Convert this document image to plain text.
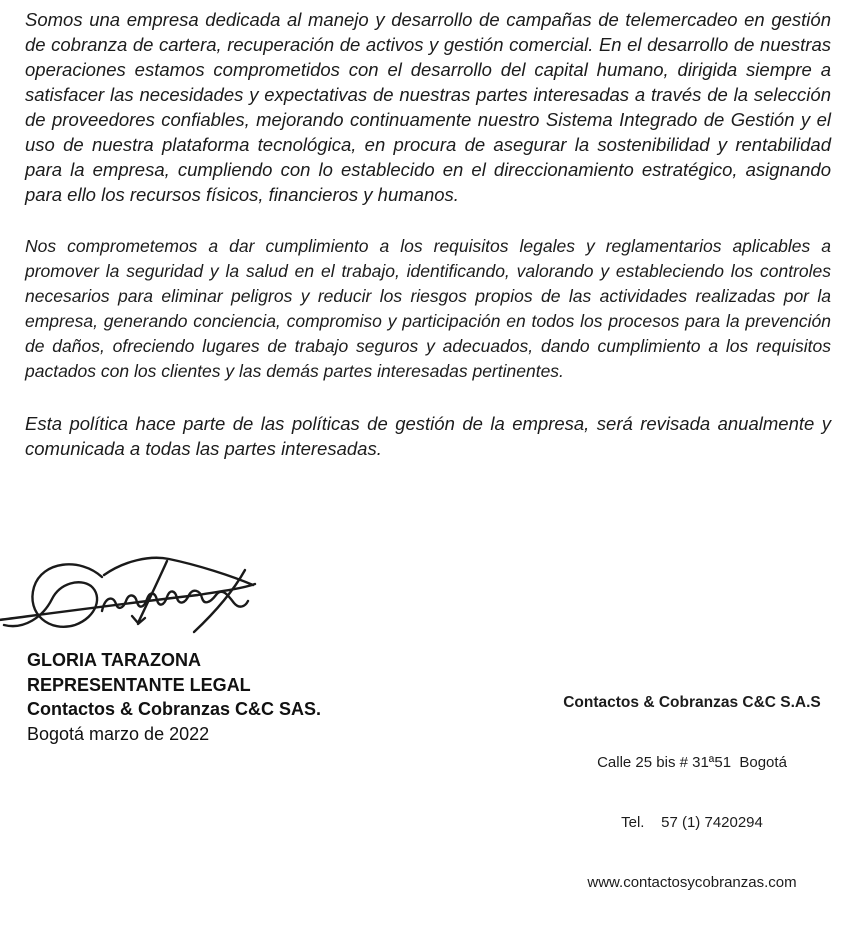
Somos una empresa dedicada al manejo y desarrollo de campañas de telemercadeo en gestión de cobranza de cartera, recuperación de activos y gestión comercial. En el desarrollo de nuestras operaciones estamos comprometidos con el desarrollo del capital humano, dirigida siempre a satisfacer las necesidades y expectativas de nuestras partes interesadas a través de la selección de proveedores confiables, mejorando continuamente nuestro Sistema Integrado de Gestión y el uso de nuestra plataforma tecnológica, en procura de asegurar la sostenibilidad y rentabilidad para la empresa, cumpliendo con lo establecido en el direccionamiento estratégico, asignando para ello los recursos físicos, financieros y humanos.

Nos comprometemos a dar cumplimiento a los requisitos legales y reglamentarios aplicables a promover la seguridad y la salud en el trabajo, identificando, valorando y estableciendo los controles necesarios para eliminar peligros y reducir los riesgos propios de las actividades realizadas por la empresa, generando conciencia, compromiso y participación en todos los procesos para la prevención de daños, ofreciendo lugares de trabajo seguros y adecuados, dando cumplimiento a los requisitos pactados con los clientes y las demás partes interesadas pertinentes.

Esta política hace parte de las políticas de gestión de la empresa, será revisada anualmente y comunicada a todas las partes interesadas.

GLORIA TARAZONA
REPRESENTANTE LEGAL
Contactos & Cobranzas C&C SAS.
Bogotá marzo de 2022

Contactos & Cobranzas C&C S.A.S

Calle 25 bis # 31ª51  Bogotá

Tel.    57 (1) 7420294

www.contactosycobranzas.com
